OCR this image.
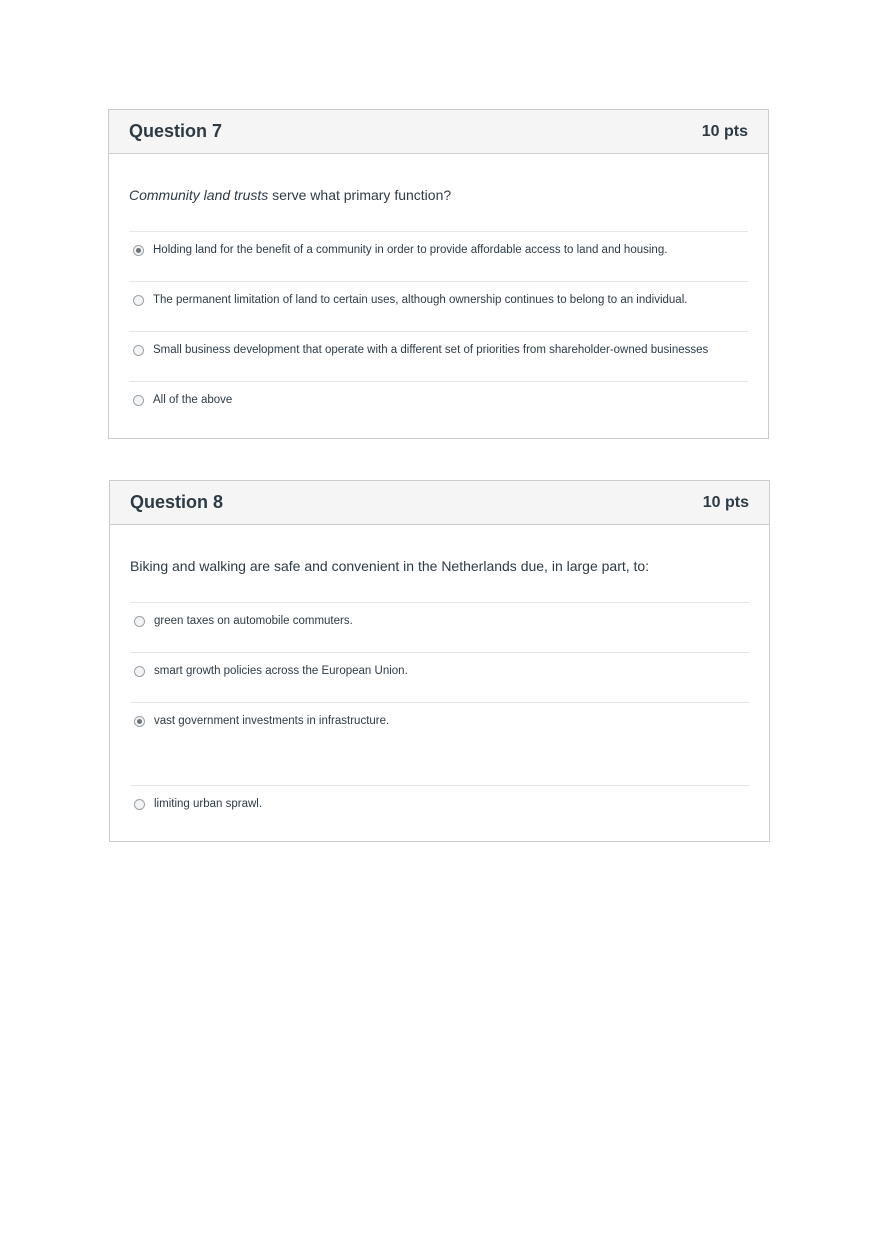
Question 7	10 pts
Community land trusts serve what primary function?
Holding land for the benefit of a community in order to provide affordable access to land and housing.
The permanent limitation of land to certain uses, although ownership continues to belong to an individual.
Small business development that operate with a different set of priorities from shareholder-owned businesses
All of the above
Question 8	10 pts
Biking and walking are safe and convenient in the Netherlands due, in large part, to:
green taxes on automobile commuters.
smart growth policies across the European Union.
vast government investments in infrastructure.
limiting urban sprawl.
